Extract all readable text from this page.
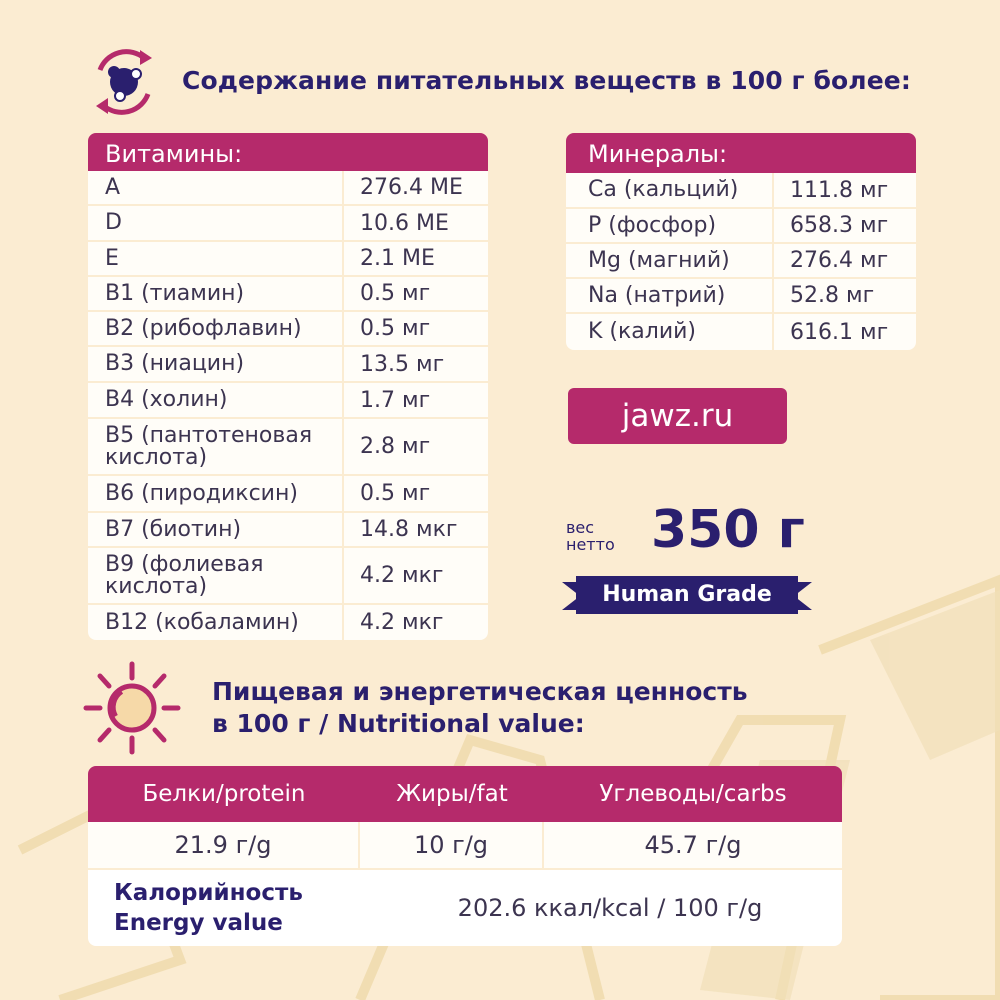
Содержание питательных веществ в 100 г более:
Витамины:
A	276.4 МЕ
D	10.6 МЕ
E	2.1 МЕ
B1 (тиамин)	0.5 мг
B2 (рибофлавин)	0.5 мг
B3 (ниацин)	13.5 мг
B4 (холин)	1.7 мг
B5 (пантотеновая кислота)	2.8 мг
B6 (пиродиксин)	0.5 мг
B7 (биотин)	14.8 мкг
B9 (фолиевая кислота)	4.2 мкг
B12 (кобаламин)	4.2 мкг
Минералы:
Ca (кальций)	111.8 мг
P (фосфор)	658.3 мг
Mg (магний)	276.4 мг
Na (натрий)	52.8 мг
K (калий)	616.1 мг
jawz.ru
вес
нетто 350 г
Human Grade
Пищевая и энергетическая ценность
в 100 г / Nutritional value:
Белки/protein	Жиры/fat	Углеводы/carbs
21.9 г/g	10 г/g	45.7 г/g
Калорийность
Energy value
202.6 ккал/kcal / 100 г/g
